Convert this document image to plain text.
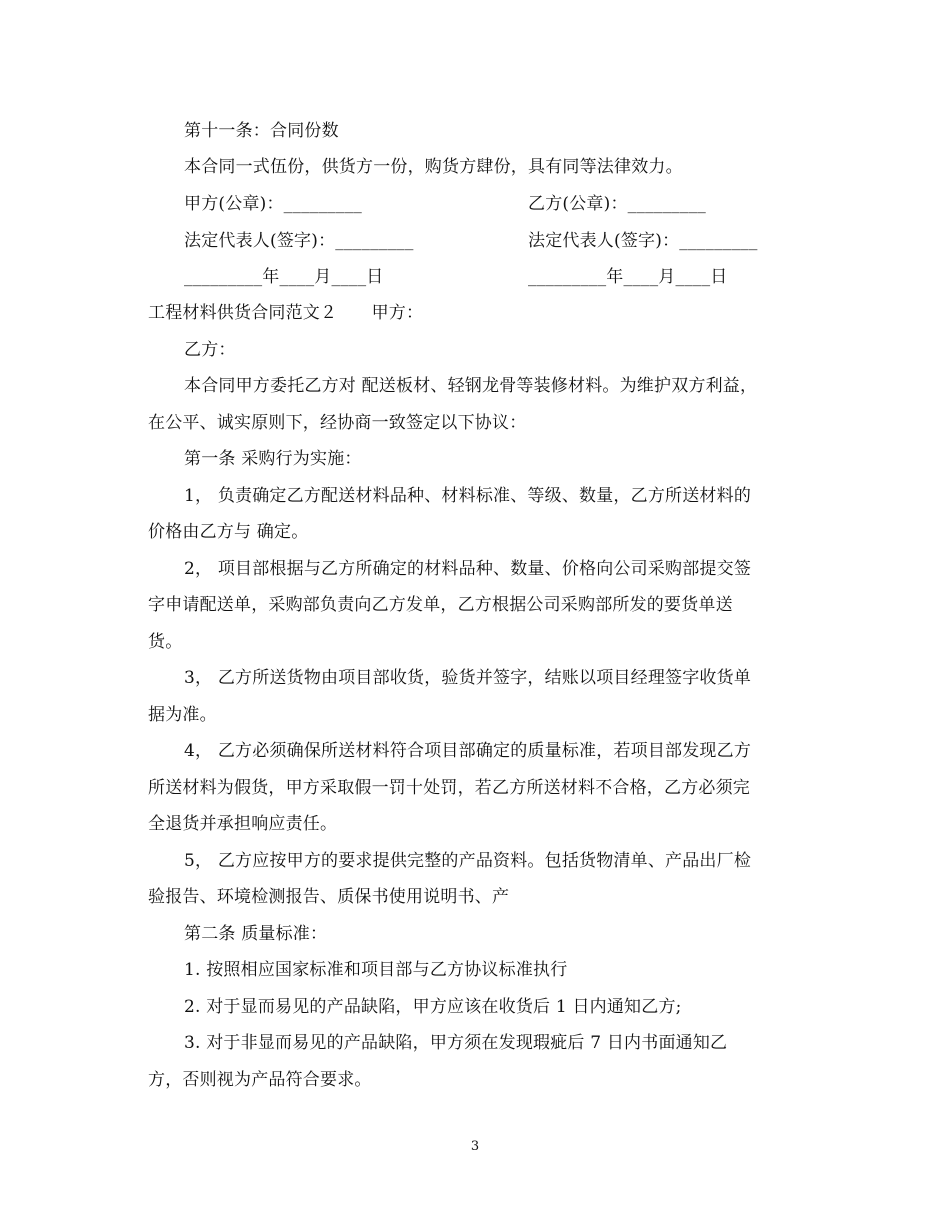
第十一条：合同份数
本合同一式伍份，供货方一份，购货方肆份，具有同等法律效力。
甲方(公章)：_________	乙方(公章)：_________
法定代表人(签字)：_________	法定代表人(签字)：_________
_________年____月____日	_________年____月____日
工程材料供货合同范文２　　甲方：
乙方：
本合同甲方委托乙方对 配送板材、轻钢龙骨等装修材料。为维护双方利益，
在公平、诚实原则下，经协商一致签定以下协议：
第一条 采购行为实施：
1， 负责确定乙方配送材料品种、材料标准、等级、数量，乙方所送材料的
价格由乙方与 确定。
2， 项目部根据与乙方所确定的材料品种、数量、价格向公司采购部提交签
字申请配送单，采购部负责向乙方发单，乙方根据公司采购部所发的要货单送
货。
3， 乙方所送货物由项目部收货，验货并签字，结账以项目经理签字收货单
据为准。
4， 乙方必须确保所送材料符合项目部确定的质量标准，若项目部发现乙方
所送材料为假货，甲方采取假一罚十处罚，若乙方所送材料不合格，乙方必须完
全退货并承担响应责任。
5， 乙方应按甲方的要求提供完整的产品资料。包括货物清单、产品出厂检
验报告、环境检测报告、质保书使用说明书、产
第二条 质量标准：
1. 按照相应国家标准和项目部与乙方协议标准执行
2. 对于显而易见的产品缺陷，甲方应该在收货后 1 日内通知乙方;
3. 对于非显而易见的产品缺陷，甲方须在发现瑕疵后 7 日内书面通知乙
方，否则视为产品符合要求。
3
